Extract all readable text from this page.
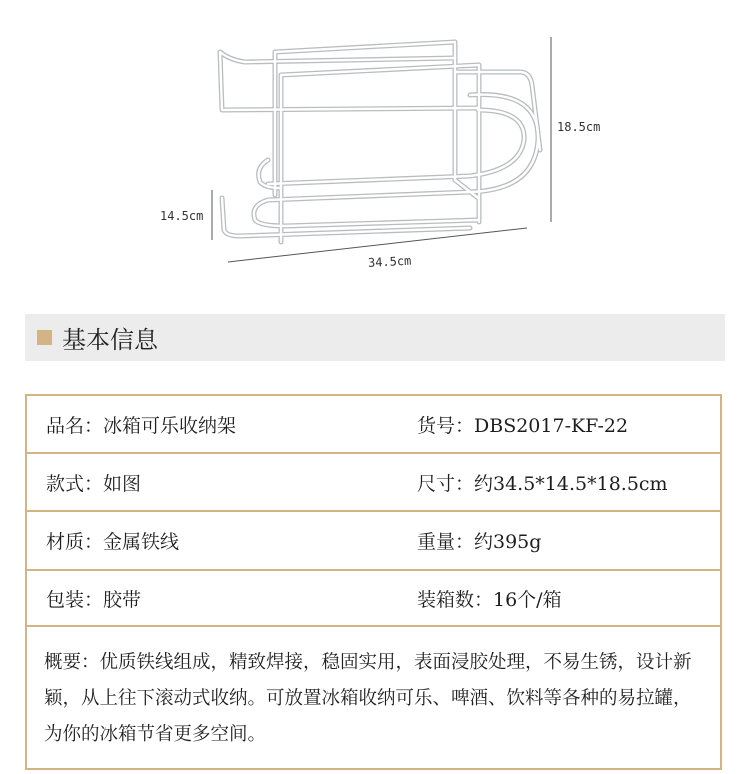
18.5cm
14.5cm
34.5cm
基本信息
品名：冰箱可乐收纳架	货号：DBS2017-KF-22
款式：如图	尺寸：约34.5*14.5*18.5cm
材质：金属铁线	重量：约395g
包装：胶带	装箱数：16个/箱
概要：优质铁线组成，精致焊接，稳固实用，表面浸胶处理，不易生锈，设计新颖，从上往下滚动式收纳。可放置冰箱收纳可乐、啤酒、饮料等各种的易拉罐，为你的冰箱节省更多空间。
